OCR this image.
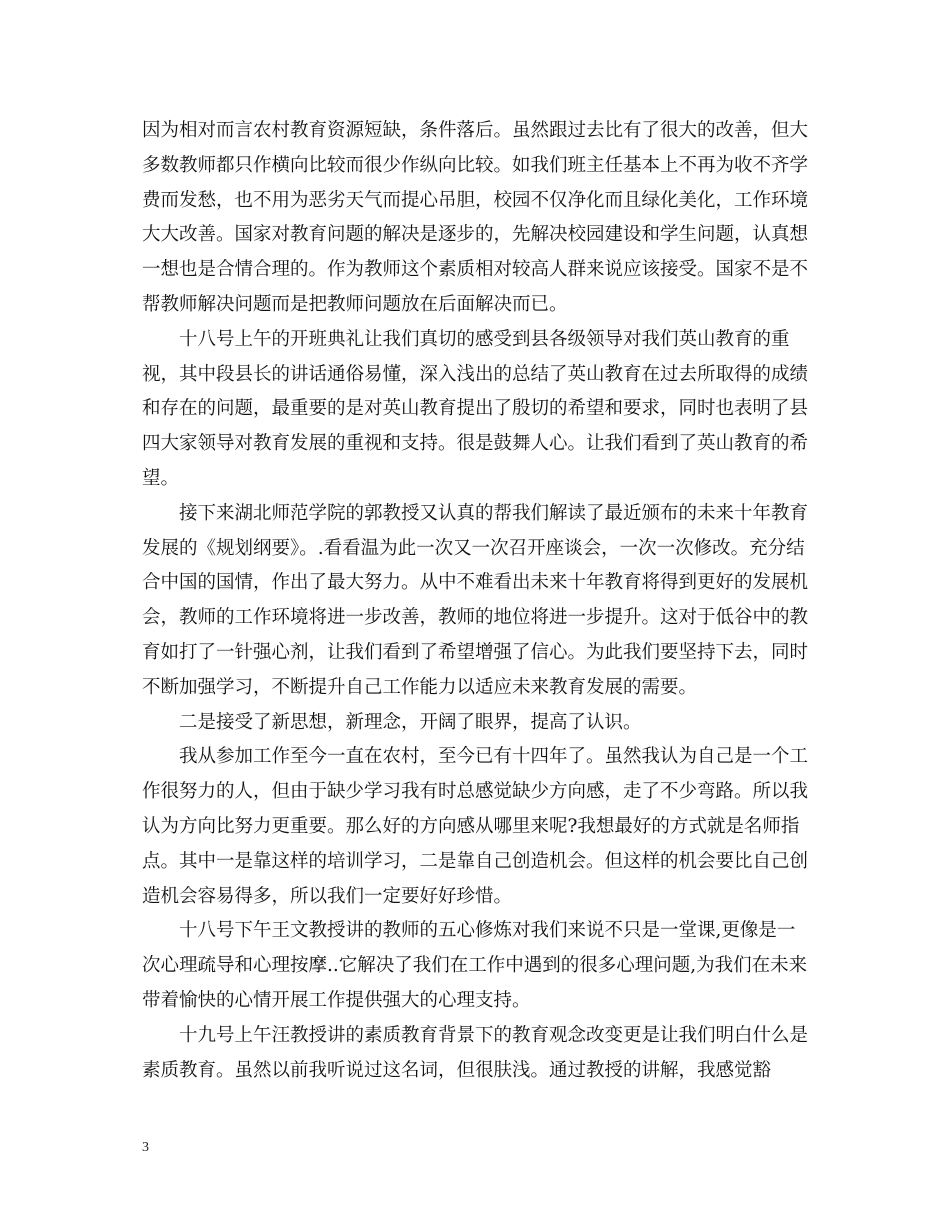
因为相对而言农村教育资源短缺，条件落后。虽然跟过去比有了很大的改善，但大多数教师都只作横向比较而很少作纵向比较。如我们班主任基本上不再为收不齐学费而发愁，也不用为恶劣天气而提心吊胆，校园不仅净化而且绿化美化，工作环境大大改善。国家对教育问题的解决是逐步的，先解决校园建设和学生问题，认真想一想也是合情合理的。作为教师这个素质相对较高人群来说应该接受。国家不是不帮教师解决问题而是把教师问题放在后面解决而已。

十八号上午的开班典礼让我们真切的感受到县各级领导对我们英山教育的重视，其中段县长的讲话通俗易懂，深入浅出的总结了英山教育在过去所取得的成绩和存在的问题，最重要的是对英山教育提出了殷切的希望和要求，同时也表明了县四大家领导对教育发展的重视和支持。很是鼓舞人心。让我们看到了英山教育的希望。

接下来湖北师范学院的郭教授又认真的帮我们解读了最近颁布的未来十年教育发展的《规划纲要》。.看看温为此一次又一次召开座谈会，一次一次修改。充分结合中国的国情，作出了最大努力。从中不难看出未来十年教育将得到更好的发展机会，教师的工作环境将进一步改善，教师的地位将进一步提升。这对于低谷中的教育如打了一针强心剂，让我们看到了希望增强了信心。为此我们要坚持下去，同时不断加强学习，不断提升自己工作能力以适应未来教育发展的需要。

二是接受了新思想，新理念，开阔了眼界，提高了认识。

我从参加工作至今一直在农村，至今已有十四年了。虽然我认为自己是一个工作很努力的人，但由于缺少学习我有时总感觉缺少方向感，走了不少弯路。所以我认为方向比努力更重要。那么好的方向感从哪里来呢?我想最好的方式就是名师指点。其中一是靠这样的培训学习，二是靠自己创造机会。但这样的机会要比自己创造机会容易得多，所以我们一定要好好珍惜。

十八号下午王文教授讲的教师的五心修炼对我们来说不只是一堂课,更像是一次心理疏导和心理按摩..它解决了我们在工作中遇到的很多心理问题,为我们在未来带着愉快的心情开展工作提供强大的心理支持。

十九号上午汪教授讲的素质教育背景下的教育观念改变更是让我们明白什么是素质教育。虽然以前我听说过这名词，但很肤浅。通过教授的讲解，我感觉豁

3
